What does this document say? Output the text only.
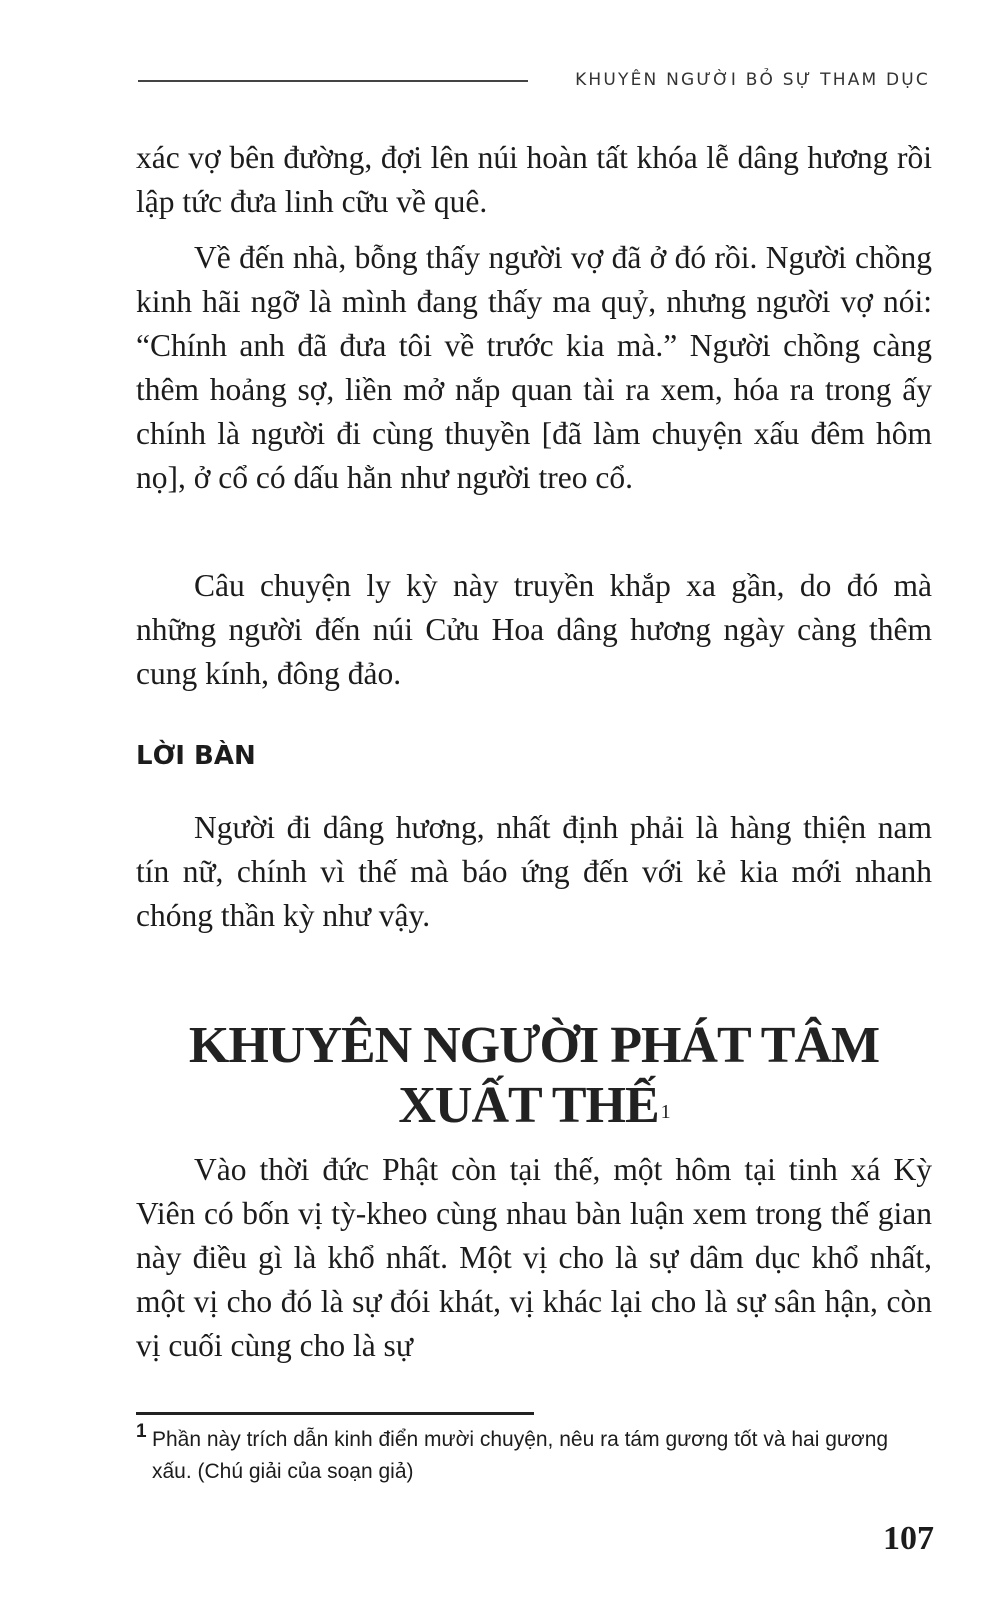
KHUYÊN NGƯỜI BỎ SỰ THAM DỤC

xác vợ bên đường, đợi lên núi hoàn tất khóa lễ dâng hương rồi lập tức đưa linh cữu về quê.

Về đến nhà, bỗng thấy người vợ đã ở đó rồi. Người chồng kinh hãi ngỡ là mình đang thấy ma quỷ, nhưng người vợ nói: “Chính anh đã đưa tôi về trước kia mà.” Người chồng càng thêm hoảng sợ, liền mở nắp quan tài ra xem, hóa ra trong ấy chính là người đi cùng thuyền [đã làm chuyện xấu đêm hôm nọ], ở cổ có dấu hằn như người treo cổ.

Câu chuyện ly kỳ này truyền khắp xa gần, do đó mà những người đến núi Cửu Hoa dâng hương ngày càng thêm cung kính, đông đảo.

LỜI BÀN

Người đi dâng hương, nhất định phải là hàng thiện nam tín nữ, chính vì thế mà báo ứng đến với kẻ kia mới nhanh chóng thần kỳ như vậy.

KHUYÊN NGƯỜI PHÁT TÂM
XUẤT THẾ $^1$

Vào thời đức Phật còn tại thế, một hôm tại tinh xá Kỳ Viên có bốn vị tỳ-kheo cùng nhau bàn luận xem trong thế gian này điều gì là khổ nhất. Một vị cho là sự dâm dục khổ nhất, một vị cho đó là sự đói khát, vị khác lại cho là sự sân hận, còn vị cuối cùng cho là sự

1 Phần này trích dẫn kinh điển mười chuyện, nêu ra tám gương tốt và hai gương xấu. (Chú giải của soạn giả)

107
